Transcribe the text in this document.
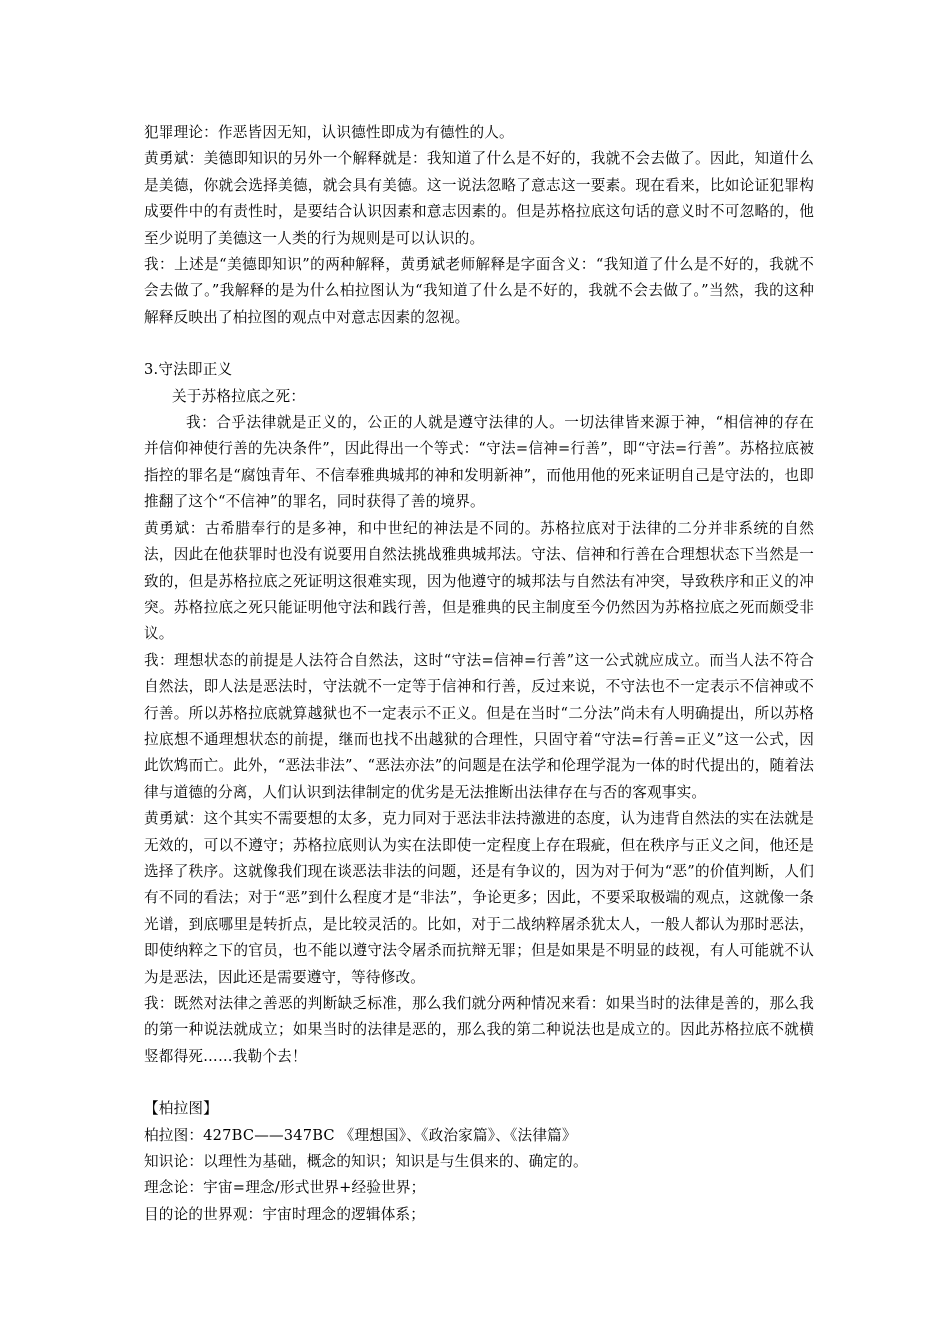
犯罪理论：作恶皆因无知，认识德性即成为有德性的人。

黄勇斌：美德即知识的另外一个解释就是：我知道了什么是不好的，我就不会去做了。因此，知道什么是美德，你就会选择美德，就会具有美德。这一说法忽略了意志这一要素。现在看来，比如论证犯罪构成要件中的有责性时，是要结合认识因素和意志因素的。但是苏格拉底这句话的意义时不可忽略的，他至少说明了美德这一人类的行为规则是可以认识的。

我：上述是“美德即知识”的两种解释，黄勇斌老师解释是字面含义：“我知道了什么是不好的，我就不会去做了。”我解释的是为什么柏拉图认为“我知道了什么是不好的，我就不会去做了。”当然，我的这种解释反映出了柏拉图的观点中对意志因素的忽视。

3.守法即正义

关于苏格拉底之死：

我：合乎法律就是正义的，公正的人就是遵守法律的人。一切法律皆来源于神，“相信神的存在并信仰神使行善的先决条件”，因此得出一个等式：“守法=信神=行善”，即“守法=行善”。苏格拉底被指控的罪名是“腐蚀青年、不信奉雅典城邦的神和发明新神”，而他用他的死来证明自己是守法的，也即推翻了这个“不信神”的罪名，同时获得了善的境界。

黄勇斌：古希腊奉行的是多神，和中世纪的神法是不同的。苏格拉底对于法律的二分并非系统的自然法，因此在他获罪时也没有说要用自然法挑战雅典城邦法。守法、信神和行善在合理想状态下当然是一致的，但是苏格拉底之死证明这很难实现，因为他遵守的城邦法与自然法有冲突，导致秩序和正义的冲突。苏格拉底之死只能证明他守法和践行善，但是雅典的民主制度至今仍然因为苏格拉底之死而颇受非议。

我：理想状态的前提是人法符合自然法，这时“守法=信神=行善”这一公式就应成立。而当人法不符合自然法，即人法是恶法时，守法就不一定等于信神和行善，反过来说，不守法也不一定表示不信神或不行善。所以苏格拉底就算越狱也不一定表示不正义。但是在当时“二分法”尚未有人明确提出，所以苏格拉底想不通理想状态的前提，继而也找不出越狱的合理性，只固守着“守法=行善=正义”这一公式，因此饮鸩而亡。此外，“恶法非法”、“恶法亦法”的问题是在法学和伦理学混为一体的时代提出的，随着法律与道德的分离，人们认识到法律制定的优劣是无法推断出法律存在与否的客观事实。

黄勇斌：这个其实不需要想的太多，克力同对于恶法非法持激进的态度，认为违背自然法的实在法就是无效的，可以不遵守；苏格拉底则认为实在法即使一定程度上存在瑕疵，但在秩序与正义之间，他还是选择了秩序。这就像我们现在谈恶法非法的问题，还是有争议的，因为对于何为“恶”的价值判断，人们有不同的看法；对于“恶”到什么程度才是“非法”，争论更多；因此，不要采取极端的观点，这就像一条光谱，到底哪里是转折点，是比较灵活的。比如，对于二战纳粹屠杀犹太人，一般人都认为那时恶法，即使纳粹之下的官员，也不能以遵守法令屠杀而抗辩无罪；但是如果是不明显的歧视，有人可能就不认为是恶法，因此还是需要遵守，等待修改。

我：既然对法律之善恶的判断缺乏标准，那么我们就分两种情况来看：如果当时的法律是善的，那么我的第一种说法就成立；如果当时的法律是恶的，那么我的第二种说法也是成立的。因此苏格拉底不就横竖都得死……我勒个去！

【柏拉图】

柏拉图：427BC——347BC 《理想国》、《政治家篇》、《法律篇》

知识论：以理性为基础，概念的知识；知识是与生俱来的、确定的。

理念论：宇宙=理念/形式世界+经验世界；

目的论的世界观：宇宙时理念的逻辑体系；
